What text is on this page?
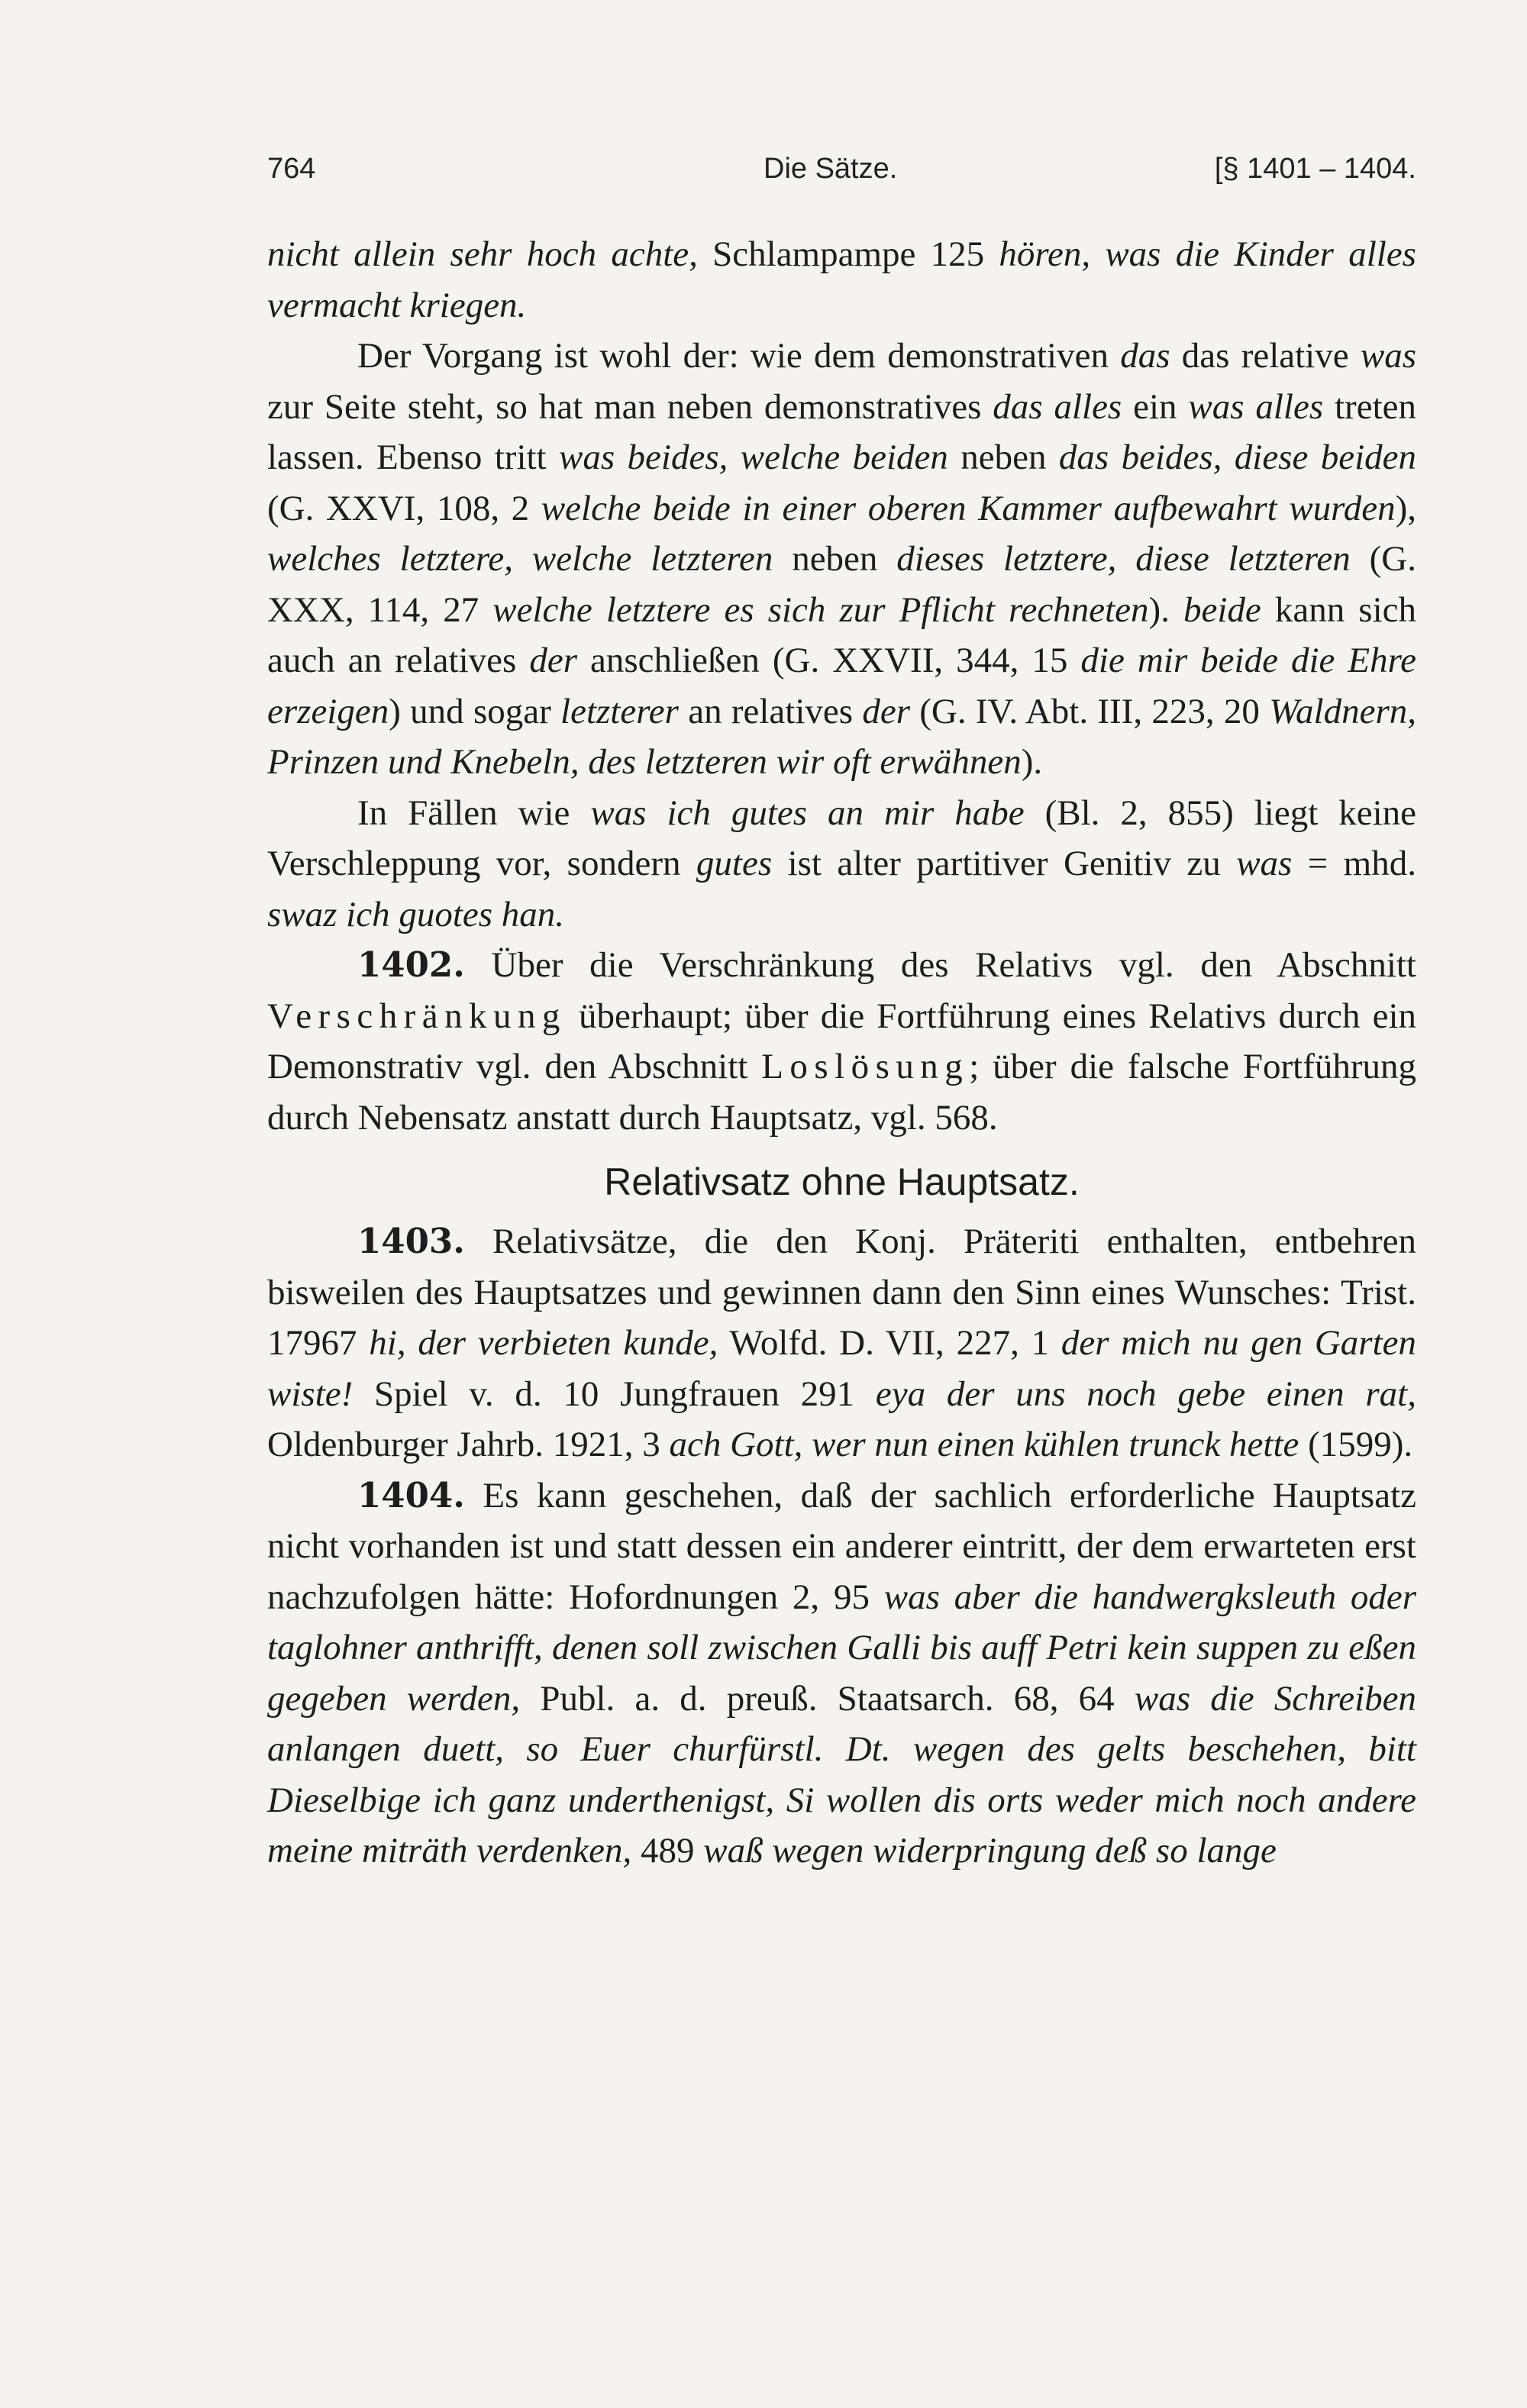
764	Die Sätze.	[§ 1401 – 1404.

nicht allein sehr hoch achte, Schlampampe 125 hören, was die Kinder alles vermacht kriegen.

Der Vorgang ist wohl der: wie dem demonstrativen das das relative was zur Seite steht, so hat man neben demonstratives das alles ein was alles treten lassen. Ebenso tritt was beides, welche beiden neben das beides, diese beiden (G. XXVI, 108, 2 welche beide in einer oberen Kammer aufbewahrt wurden), welches letztere, welche letzteren neben dieses letztere, diese letzteren (G. XXX, 114, 27 welche letztere es sich zur Pflicht rechneten). beide kann sich auch an relatives der anschließen (G. XXVII, 344, 15 die mir beide die Ehre erzeigen) und sogar letzterer an relatives der (G. IV. Abt. III, 223, 20 Waldnern, Prinzen und Knebeln, des letzteren wir oft erwähnen).

In Fällen wie was ich gutes an mir habe (Bl. 2, 855) liegt keine Verschleppung vor, sondern gutes ist alter partitiver Genitiv zu was = mhd. swaz ich guotes han.

1402. Über die Verschränkung des Relativs vgl. den Abschnitt Verschränkung überhaupt; über die Fortführung eines Relativs durch ein Demonstrativ vgl. den Abschnitt Loslösung; über die falsche Fortführung durch Nebensatz anstatt durch Hauptsatz, vgl. 568.

Relativsatz ohne Hauptsatz.

1403. Relativsätze, die den Konj. Präteriti enthalten, entbehren bisweilen des Hauptsatzes und gewinnen dann den Sinn eines Wunsches: Trist. 17967 hi, der verbieten kunde, Wolfd. D. VII, 227, 1 der mich nu gen Garten wiste! Spiel v. d. 10 Jungfrauen 291 eya der uns noch gebe einen rat, Oldenburger Jahrb. 1921, 3 ach Gott, wer nun einen kühlen trunck hette (1599).

1404. Es kann geschehen, daß der sachlich erforderliche Hauptsatz nicht vorhanden ist und statt dessen ein anderer eintritt, der dem erwarteten erst nachzufolgen hätte: Hofordnungen 2, 95 was aber die handwergksleuth oder taglohner anthrifft, denen soll zwischen Galli bis auff Petri kein suppen zu eßen gegeben werden, Publ. a. d. preuß. Staatsarch. 68, 64 was die Schreiben anlangen duett, so Euer churfürstl. Dt. wegen des gelts beschehen, bitt Dieselbige ich ganz underthenigst, Si wollen dis orts weder mich noch andere meine miträth verdenken, 489 waß wegen widerpringung deß so lange
